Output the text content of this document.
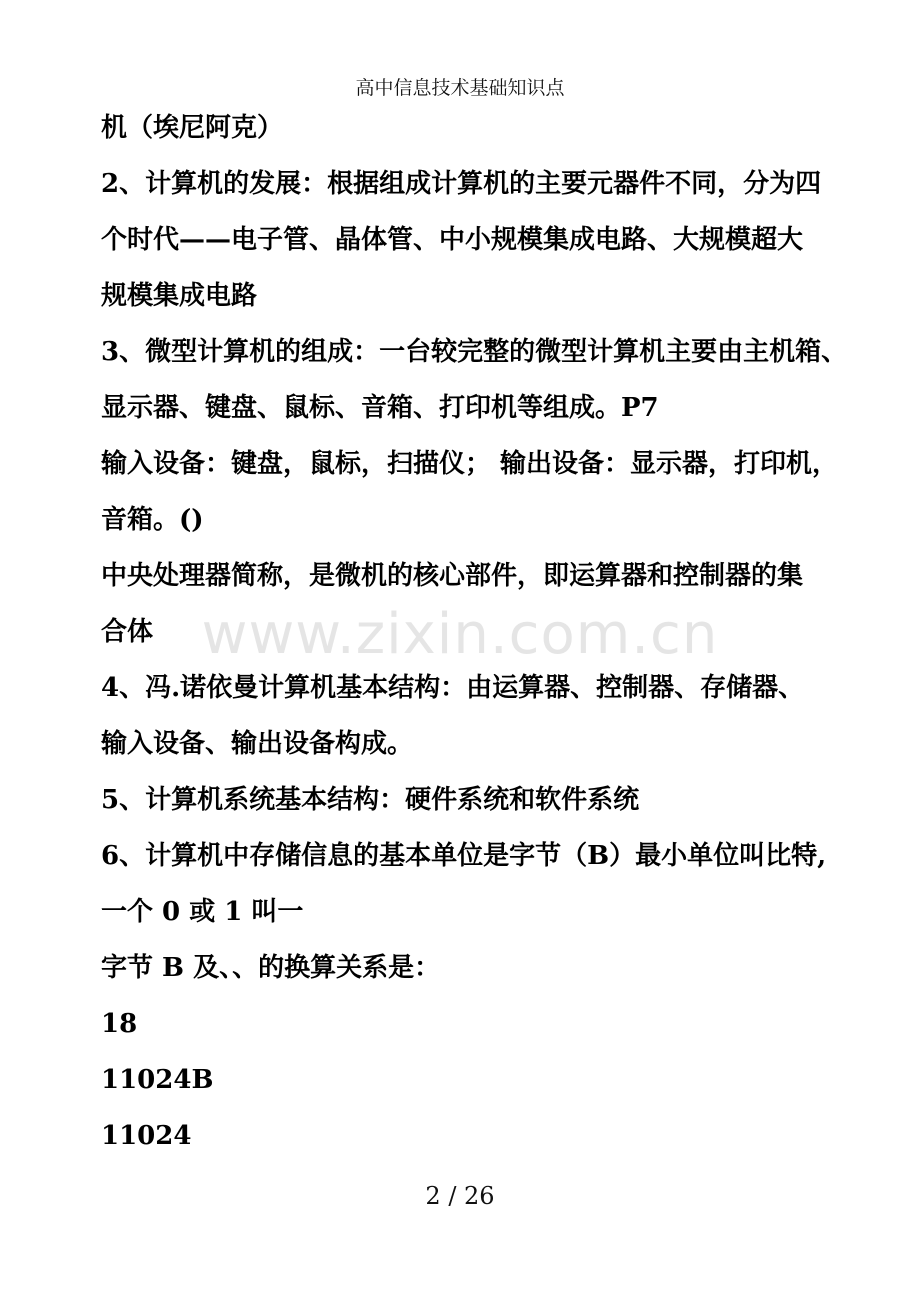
高中信息技术基础知识点
机（埃尼阿克）
2、计算机的发展：根据组成计算机的主要元器件不同，分为四
个时代——电子管、晶体管、中小规模集成电路、大规模超大
规模集成电路
3、微型计算机的组成：一台较完整的微型计算机主要由主机箱、
显示器、键盘、鼠标、音箱、打印机等组成。P7
输入设备：键盘，鼠标，扫描仪； 输出设备：显示器，打印机，
音箱。()
中央处理器简称，是微机的核心部件，即运算器和控制器的集
合体
4、冯.诺依曼计算机基本结构：由运算器、控制器、存储器、
输入设备、输出设备构成。
5、计算机系统基本结构：硬件系统和软件系统
6、计算机中存储信息的基本单位是字节（B）最小单位叫比特,
一个 0 或 1 叫一
字节 B 及、、的换算关系是：
18
11024B
11024
www.zixin.com.cn
2 / 26
